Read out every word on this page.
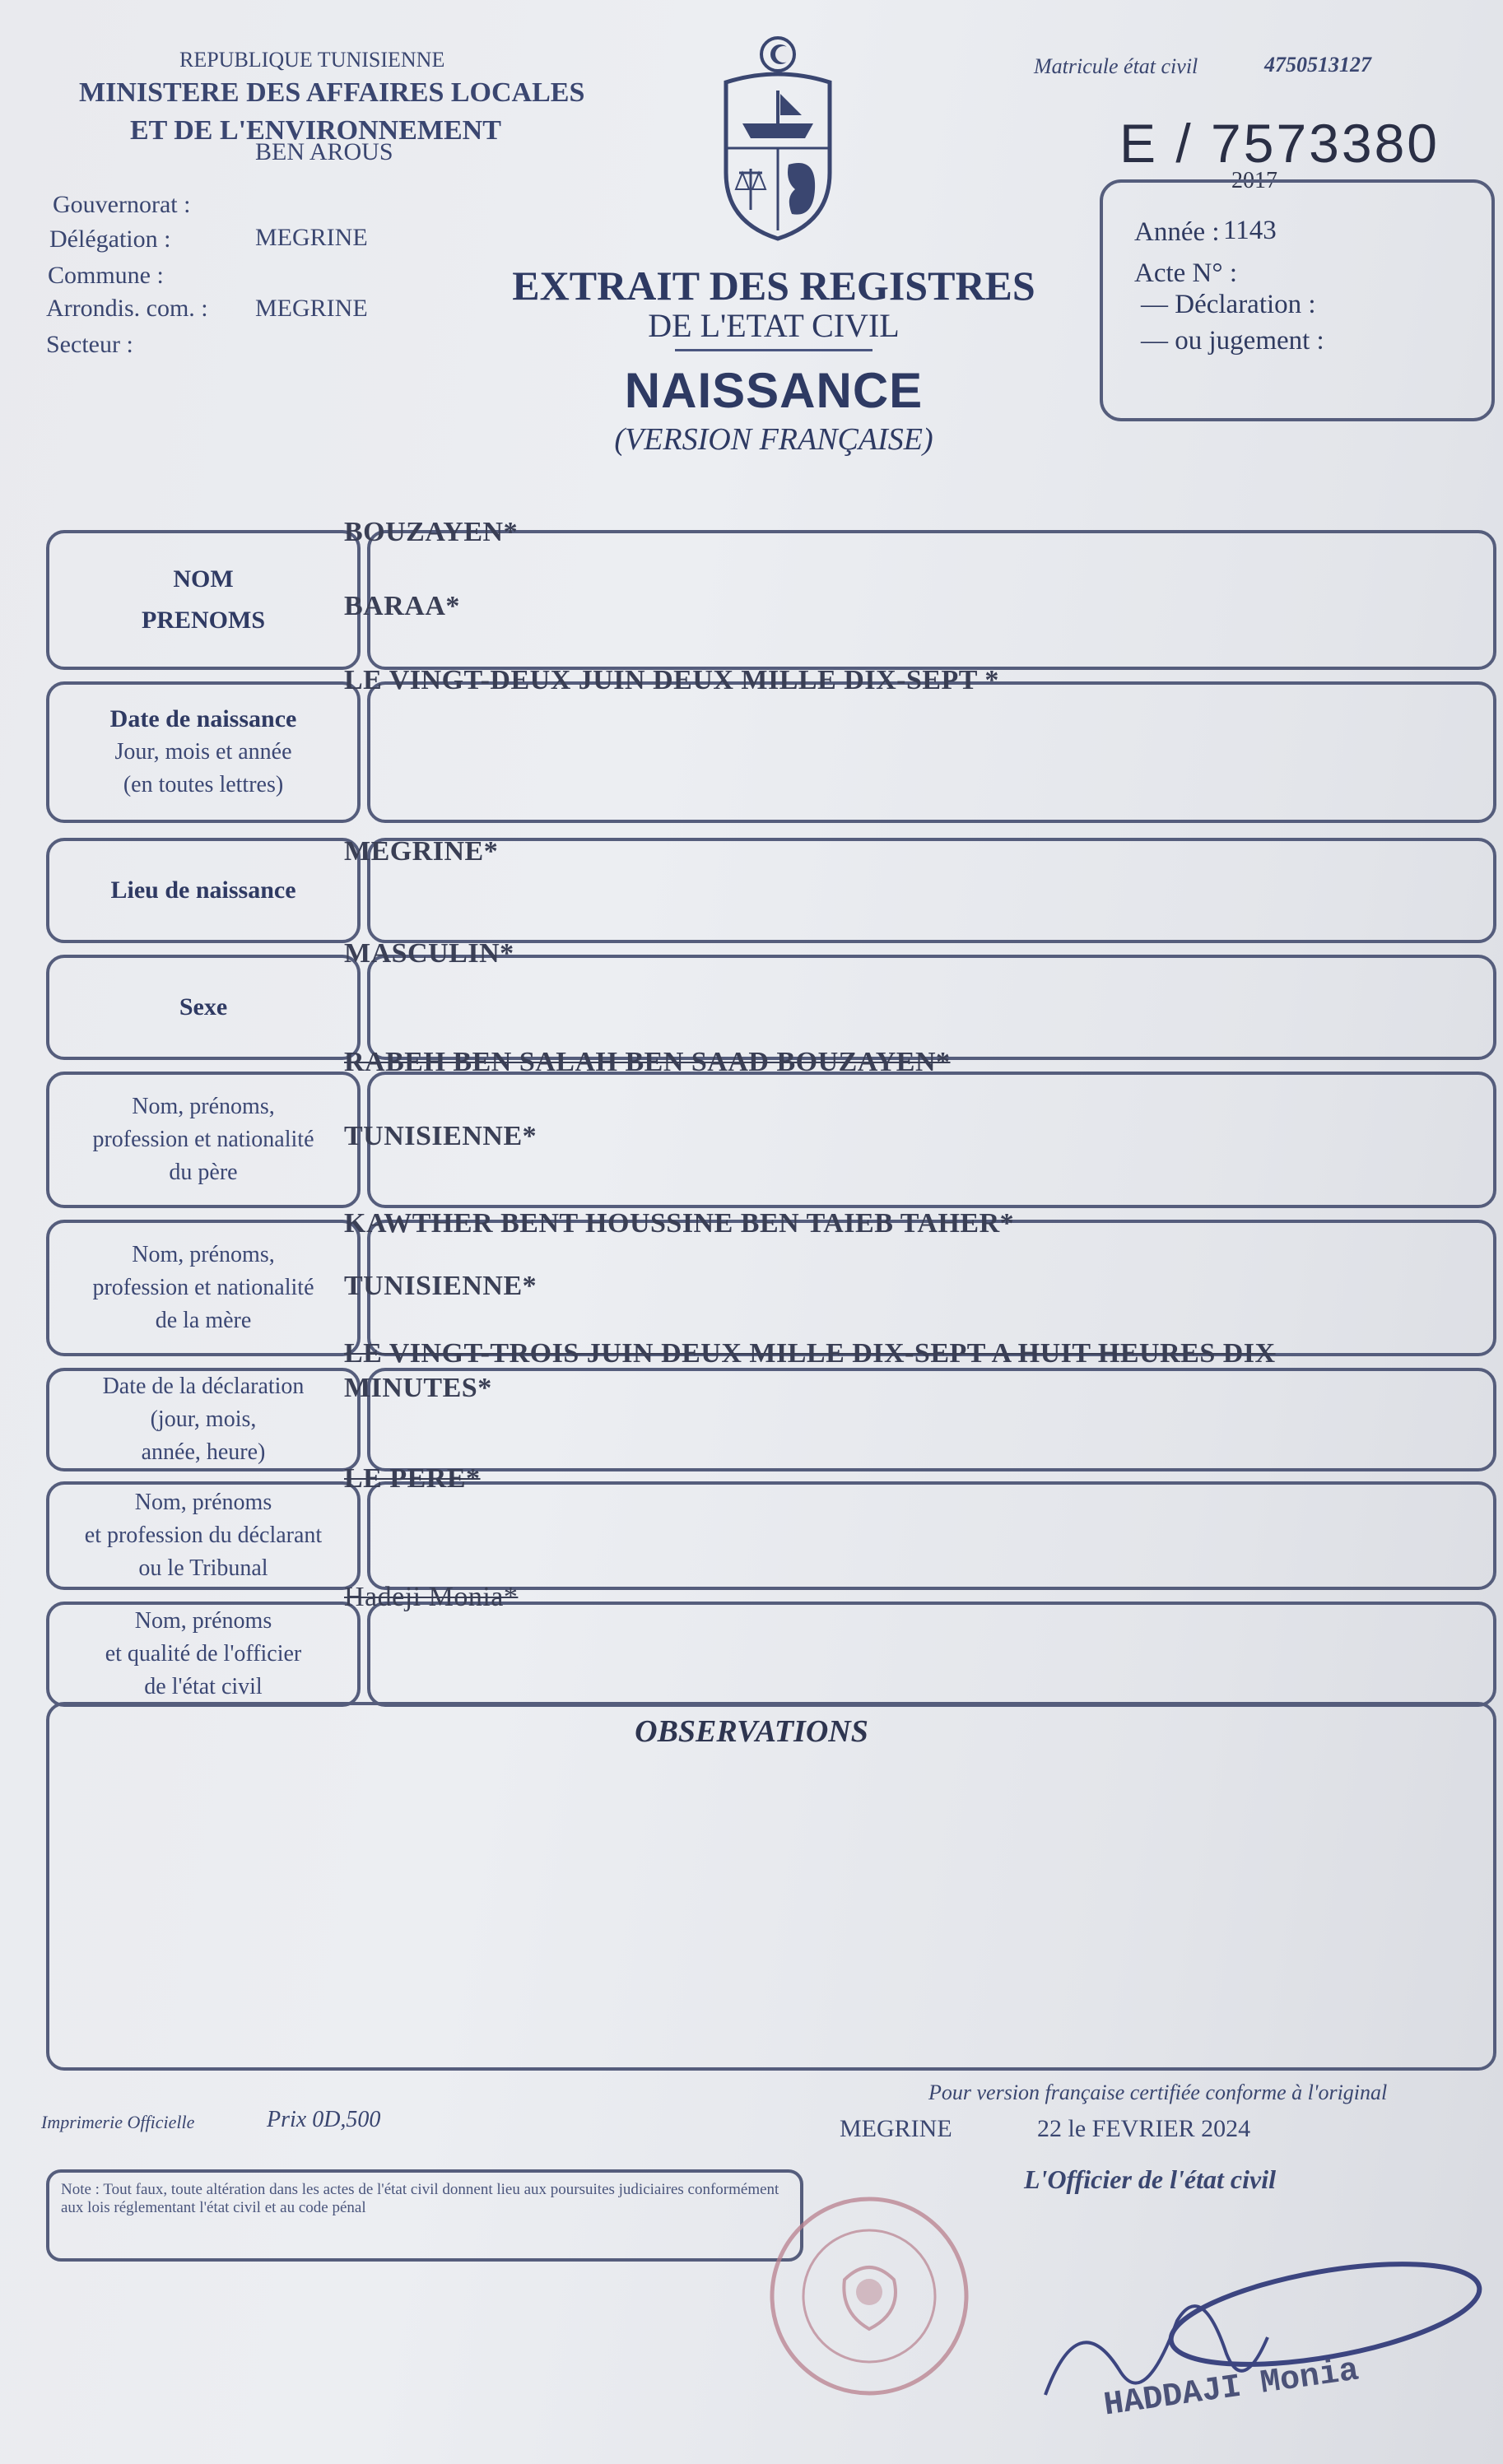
REPUBLIQUE TUNISIENNE
MINISTERE DES AFFAIRES LOCALES
ET DE L'ENVIRONNEMENT
BEN AROUS
Gouvernorat :
Délégation :	MEGRINE
Commune :
Arrondis. com. : MEGRINE
Secteur :
EXTRAIT DES REGISTRES
DE L'ETAT CIVIL
NAISSANCE
(VERSION FRANÇAISE)
Matricule état civil	4750513127
E / 7573380
2017
Année : 1143
Acte N° :
— Déclaration :
— ou jugement :
NOM
PRENOMS
BOUZAYEN*
BARAA*
Date de naissance
Jour, mois et année
(en toutes lettres)
LE VINGT-DEUX JUIN DEUX MILLE DIX-SEPT *
Lieu de naissance
MEGRINE*
Sexe
MASCULIN*
Nom, prénoms,
profession et nationalité
du père
RABEH BEN SALAH BEN SAAD BOUZAYEN*
TUNISIENNE*
Nom, prénoms,
profession et nationalité
de la mère
KAWTHER BENT HOUSSINE BEN TAIEB TAHER*
TUNISIENNE*
Date de la déclaration
(jour, mois,
année, heure)
LE VINGT-TROIS JUIN DEUX MILLE DIX-SEPT A HUIT HEURES DIX
MINUTES*
Nom, prénoms
et profession du déclarant
ou le Tribunal
LE PERE*
Nom, prénoms
et qualité de l'officier
de l'état civil
Hadeji Monia*
OBSERVATIONS
Imprimerie Officielle	Prix 0D,500
Pour version française certifiée conforme à l'original
MEGRINE	22 le FEVRIER 2024
L'Officier de l'état civil
Note : Tout faux, toute altération dans les actes de l'état civil donnent lieu aux poursuites judiciaires conformément aux lois réglementant l'état civil et au code pénal
HADDAJI Monia
